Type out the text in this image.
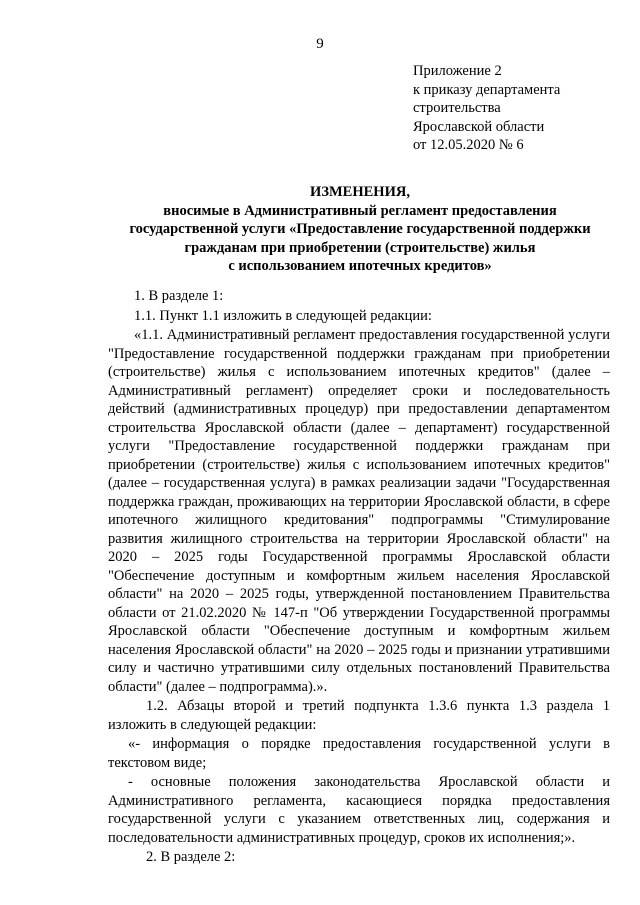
9
Приложение 2
к приказу департамента
строительства
Ярославской области
от 12.05.2020 № 6
ИЗМЕНЕНИЯ,
вносимые в Административный регламент предоставления
государственной услуги «Предоставление государственной поддержки
гражданам при приобретении (строительстве) жилья
с использованием ипотечных кредитов»

1. В разделе 1:

1.1. Пункт 1.1 изложить в следующей редакции:

«1.1. Административный регламент предоставления государственной услуги "Предоставление государственной поддержки гражданам при приобретении (строительстве) жилья с использованием ипотечных кредитов" (далее – Административный регламент) определяет сроки и последовательность действий (административных процедур) при предоставлении департаментом строительства Ярославской области (далее – департамент) государственной услуги "Предоставление государственной поддержки гражданам при приобретении (строительстве) жилья с использованием ипотечных кредитов" (далее – государственная услуга) в рамках реализации задачи "Государственная поддержка граждан, проживающих на территории Ярославской области, в сфере ипотечного жилищного кредитования" подпрограммы "Стимулирование развития жилищного строительства на территории Ярославской области" на 2020 – 2025 годы Государственной программы Ярославской области "Обеспечение доступным и комфортным жильем населения Ярославской области" на 2020 – 2025 годы, утвержденной постановлением Правительства области от 21.02.2020 № 147-п "Об утверждении Государственной программы Ярославской области "Обеспечение доступным и комфортным жильем населения Ярославской области" на 2020 – 2025 годы и признании утратившими силу и частично утратившими силу отдельных постановлений Правительства области" (далее – подпрограмма).».

1.2. Абзацы второй и третий подпункта 1.3.6 пункта 1.3 раздела 1 изложить в следующей редакции:

«- информация о порядке предоставления государственной услуги в текстовом виде;

- основные положения законодательства Ярославской области и Административного регламента, касающиеся порядка предоставления государственной услуги с указанием ответственных лиц, содержания и последовательности административных процедур, сроков их исполнения;».

2. В разделе 2:
